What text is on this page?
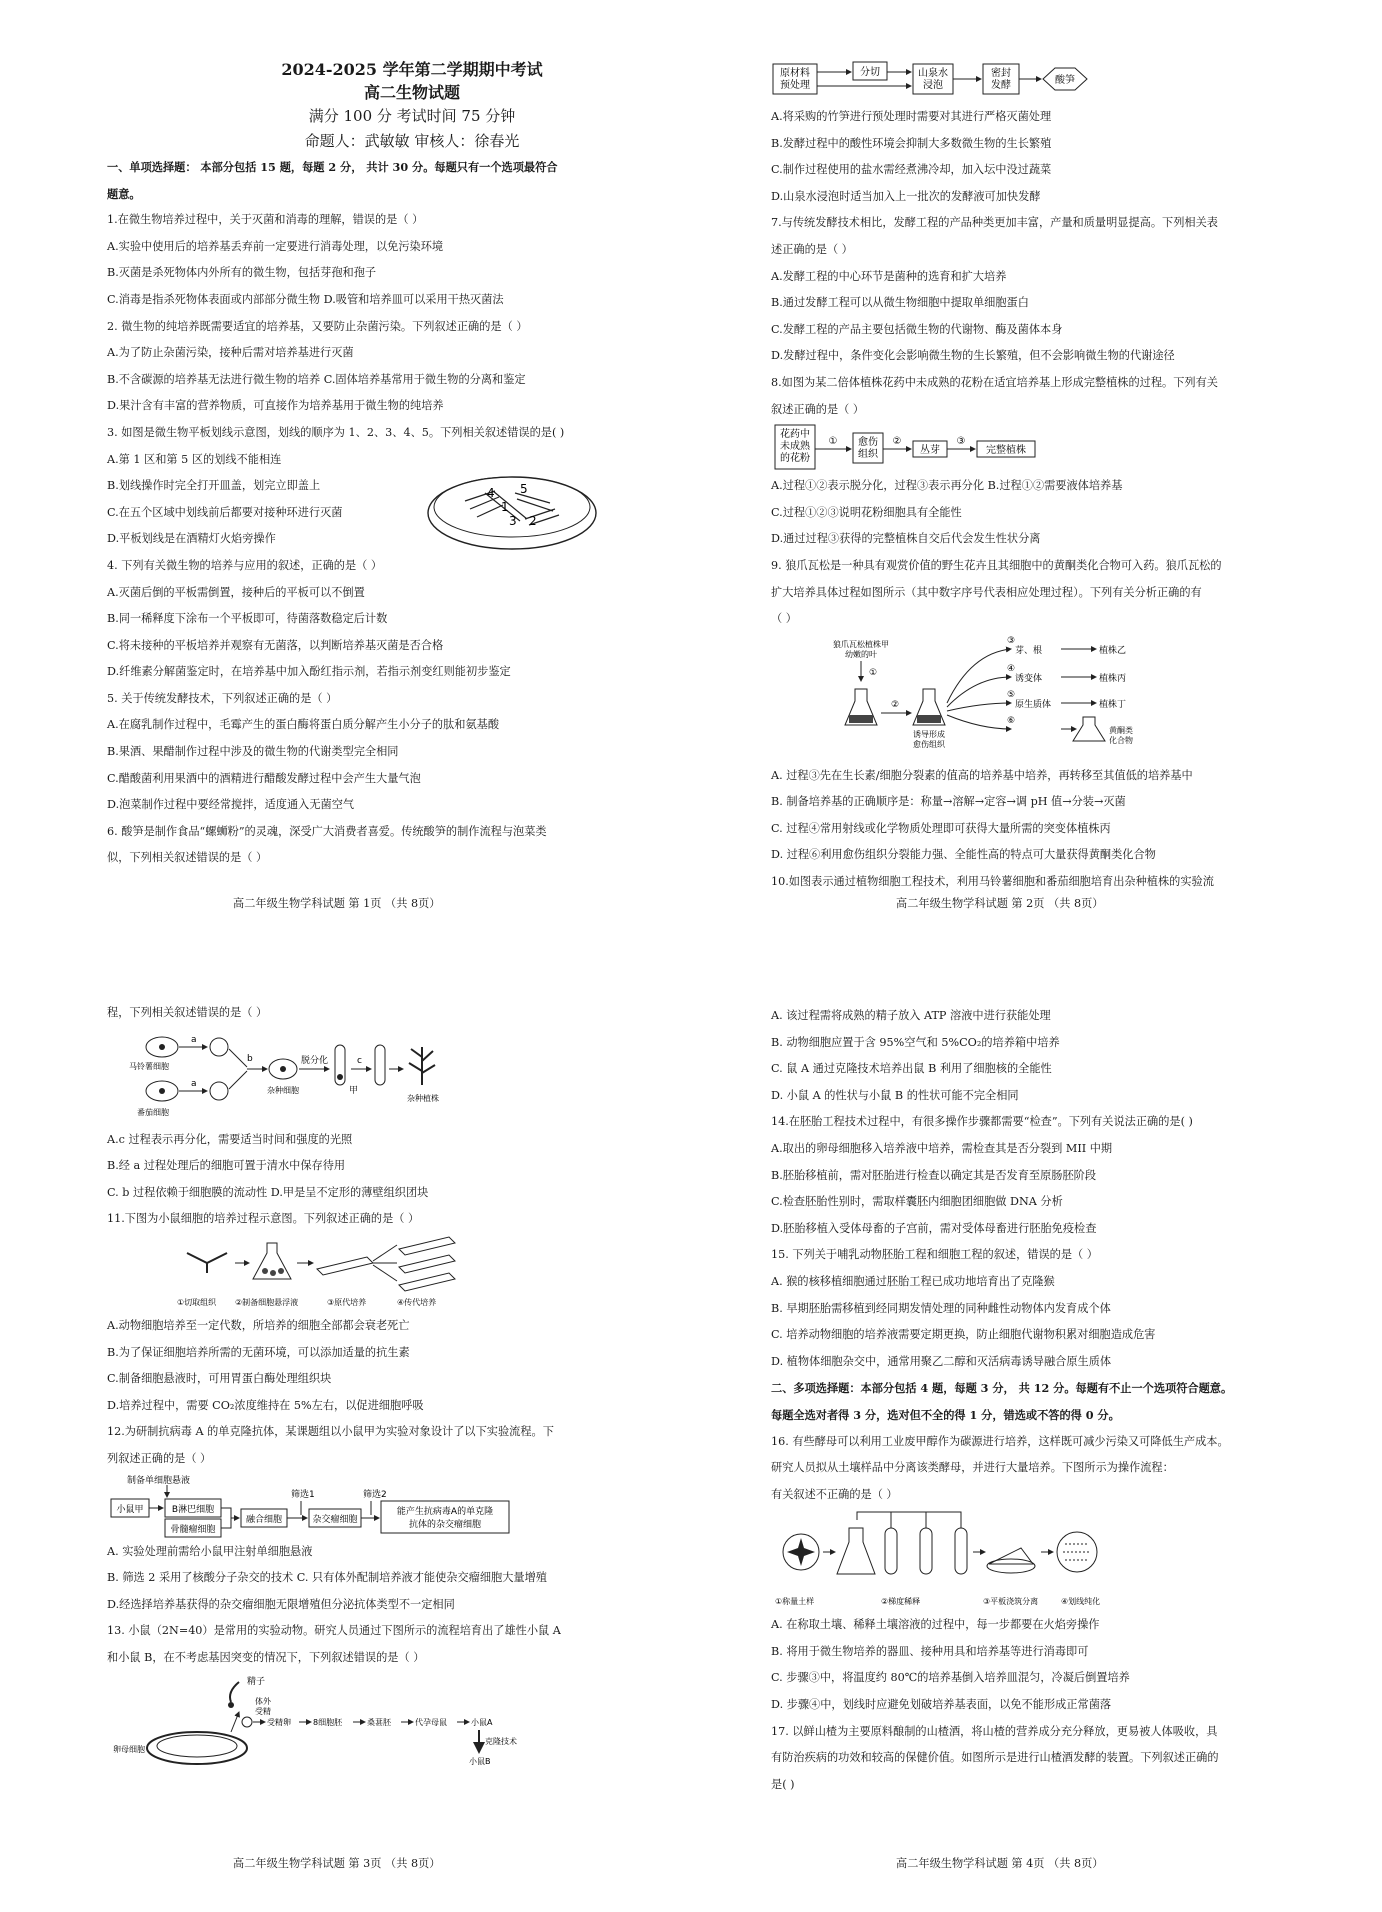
2024-2025 学年第二学期期中考试

高二生物试题

满分 100 分 考试时间 75 分钟

命题人：武敏敏 审核人：徐春光

一、单项选择题： 本部分包括 15 题，每题 2 分， 共计 30 分。每题只有一个选项最符合

题意。

1.在微生物培养过程中，关于灭菌和消毒的理解，错误的是（ ）

A.实验中使用后的培养基丢弃前一定要进行消毒处理，以免污染环境

B.灭菌是杀死物体内外所有的微生物，包括芽孢和孢子

C.消毒是指杀死物体表面或内部部分微生物 D.吸管和培养皿可以采用干热灭菌法

2. 微生物的纯培养既需要适宜的培养基，又要防止杂菌污染。下列叙述正确的是（ ）

A.为了防止杂菌污染，接种后需对培养基进行灭菌

B.不含碳源的培养基无法进行微生物的培养 C.固体培养基常用于微生物的分离和鉴定

D.果汁含有丰富的营养物质，可直接作为培养基用于微生物的纯培养

3. 如图是微生物平板划线示意图，划线的顺序为 1、2、3、4、5。下列相关叙述错误的是( )

A.第 1 区和第 5 区的划线不能相连

B.划线操作时完全打开皿盖，划完立即盖上

C.在五个区域中划线前后都要对接种环进行灭菌

D.平板划线是在酒精灯火焰旁操作

4. 下列有关微生物的培养与应用的叙述，正确的是（ ）

A.灭菌后倒的平板需倒置，接种后的平板可以不倒置

B.同一稀释度下涂布一个平板即可，待菌落数稳定后计数

C.将未接种的平板培养并观察有无菌落，以判断培养基灭菌是否合格

D.纤维素分解菌鉴定时，在培养基中加入酚红指示剂，若指示剂变红则能初步鉴定

5. 关于传统发酵技术，下列叙述正确的是（ ）

A.在腐乳制作过程中，毛霉产生的蛋白酶将蛋白质分解产生小分子的肽和氨基酸

B.果酒、果醋制作过程中涉及的微生物的代谢类型完全相同

C.醋酸菌利用果酒中的酒精进行醋酸发酵过程中会产生大量气泡

D.泡菜制作过程中要经常搅拌，适度通入无菌空气

6. 酸笋是制作食品“螺蛳粉”的灵魂，深受广大消费者喜爱。传统酸笋的制作流程与泡菜类

似，下列相关叙述错误的是（ ）

4 5
1
3 2
高二年级生物学科试题 第 1页 （共 8页）
原材料预处理
分切	山泉水浸泡
密封发酵	酸笋

A.将采购的竹笋进行预处理时需要对其进行严格灭菌处理

B.发酵过程中的酸性环境会抑制大多数微生物的生长繁殖

C.制作过程使用的盐水需经煮沸冷却，加入坛中没过蔬菜

D.山泉水浸泡时适当加入上一批次的发酵液可加快发酵

7.与传统发酵技术相比，发酵工程的产品种类更加丰富，产量和质量明显提高。下列相关表

述正确的是（ ）

A.发酵工程的中心环节是菌种的选育和扩大培养

B.通过发酵工程可以从微生物细胞中提取单细胞蛋白

C.发酵工程的产品主要包括微生物的代谢物、酶及菌体本身

D.发酵过程中，条件变化会影响微生物的生长繁殖，但不会影响微生物的代谢途径

8.如图为某二倍体植株花药中未成熟的花粉在适宜培养基上形成完整植株的过程。下列有关

叙述正确的是（ ）

花药中未成熟的花粉
① 愈伤组织
②
丛芽
③
完整植株

A.过程①②表示脱分化，过程③表示再分化 B.过程①②需要液体培养基

C.过程①②③说明花粉细胞具有全能性

D.通过过程③获得的完整植株自交后代会发生性状分离

9. 狼爪瓦松是一种具有观赏价值的野生花卉且其细胞中的黄酮类化合物可入药。狼爪瓦松的

扩大培养具体过程如图所示（其中数字序号代表相应处理过程）。下列有关分析正确的有

（ ）

狼爪瓦松植株甲幼嫩的叶
①
②
诱导形成愈伤组织
③
芽、根
④
诱变体
⑤
原生质体
⑥
植株乙
植株丙
植株丁
黄酮类化合物

A. 过程③先在生长素/细胞分裂素的值高的培养基中培养，再转移至其值低的培养基中

B. 制备培养基的正确顺序是：称量→溶解→定容→调 pH 值→分装→灭菌

C. 过程④常用射线或化学物质处理即可获得大量所需的突变体植株丙

D. 过程⑥利用愈伤组织分裂能力强、全能性高的特点可大量获得黄酮类化合物

10.如图表示通过植物细胞工程技术，利用马铃薯细胞和番茄细胞培育出杂种植株的实验流

高二年级生物学科试题 第 2页 （共 8页）

程，下列相关叙述错误的是（ ）

马铃薯细胞
番茄细胞
a
a
b
杂种细胞
脱分化
甲
c
杂种植株

A.c 过程表示再分化，需要适当时间和强度的光照

B.经 a 过程处理后的细胞可置于清水中保存待用

C. b 过程依赖于细胞膜的流动性 D.甲是呈不定形的薄壁组织团块

11.下图为小鼠细胞的培养过程示意图。下列叙述正确的是（ ）

①切取组织 ②制备细胞悬浮液	③原代培养	④传代培养

A.动物细胞培养至一定代数，所培养的细胞全部都会衰老死亡

B.为了保证细胞培养所需的无菌环境，可以添加适量的抗生素

C.制备细胞悬液时，可用胃蛋白酶处理组织块

D.培养过程中，需要 CO₂浓度维持在 5%左右，以促进细胞呼吸

12.为研制抗病毒 A 的单克隆抗体，某课题组以小鼠甲为实验对象设计了以下实验流程。下

列叙述正确的是（ ）

制备单细胞悬液
小鼠甲	B淋巴细胞
骨髓瘤细胞
融合细胞
筛选1
杂交瘤细胞
筛选2
能产生抗病毒A的单克隆
抗体的杂交瘤细胞

A. 实验处理前需给小鼠甲注射单细胞悬液

B. 筛选 2 采用了核酸分子杂交的技术 C. 只有体外配制培养液才能使杂交瘤细胞大量增殖

D.经选择培养基获得的杂交瘤细胞无限增殖但分泌抗体类型不一定相同

13. 小鼠（2N=40）是常用的实验动物。研究人员通过下图所示的流程培育出了雄性小鼠 A

和小鼠 B，在不考虑基因突变的情况下，下列叙述错误的是（ ）

精子
体外受精
卵母细胞
受精卵	8细胞胚	桑葚胚	代孕母鼠	小鼠A
克隆技术
小鼠B
高二年级生物学科试题 第 3页 （共 8页）

A. 该过程需将成熟的精子放入 ATP 溶液中进行获能处理

B. 动物细胞应置于含 95%空气和 5%CO₂的培养箱中培养

C. 鼠 A 通过克隆技术培养出鼠 B 利用了细胞核的全能性

D. 小鼠 A 的性状与小鼠 B 的性状可能不完全相同

14.在胚胎工程技术过程中，有很多操作步骤都需要“检查”。下列有关说法正确的是( )

A.取出的卵母细胞移入培养液中培养，需检查其是否分裂到 MII 中期

B.胚胎移植前，需对胚胎进行检查以确定其是否发育至原肠胚阶段

C.检查胚胎性别时，需取样囊胚内细胞团细胞做 DNA 分析

D.胚胎移植入受体母畜的子宫前，需对受体母畜进行胚胎免疫检查

15. 下列关于哺乳动物胚胎工程和细胞工程的叙述，错误的是（ ）

A. 猴的核移植细胞通过胚胎工程已成功地培育出了克隆猴

B. 早期胚胎需移植到经同期发情处理的同种雌性动物体内发育成个体

C. 培养动物细胞的培养液需要定期更换，防止细胞代谢物积累对细胞造成危害

D. 植物体细胞杂交中，通常用聚乙二醇和灭活病毒诱导融合原生质体

二、多项选择题：本部分包括 4 题，每题 3 分， 共 12 分。每题有不止一个选项符合题意。

每题全选对者得 3 分，选对但不全的得 1 分，错选或不答的得 0 分。

16. 有些酵母可以利用工业废甲醇作为碳源进行培养，这样既可减少污染又可降低生产成本。

研究人员拟从土壤样品中分离该类酵母，并进行大量培养。下图所示为操作流程：

有关叙述不正确的是（ ）

①称量土样	②梯度稀释	③平板浇筑分离	④划线纯化

A. 在称取土壤、稀释土壤溶液的过程中，每一步都要在火焰旁操作

B. 将用于微生物培养的器皿、接种用具和培养基等进行消毒即可

C. 步骤③中，将温度约 80℃的培养基倒入培养皿混匀，冷凝后倒置培养

D. 步骤④中，划线时应避免划破培养基表面，以免不能形成正常菌落

17. 以鲜山楂为主要原料酿制的山楂酒，将山楂的营养成分充分释放，更易被人体吸收，具

有防治疾病的功效和较高的保健价值。如图所示是进行山楂酒发酵的装置。下列叙述正确的

是( )

高二年级生物学科试题 第 4页 （共 8页）
